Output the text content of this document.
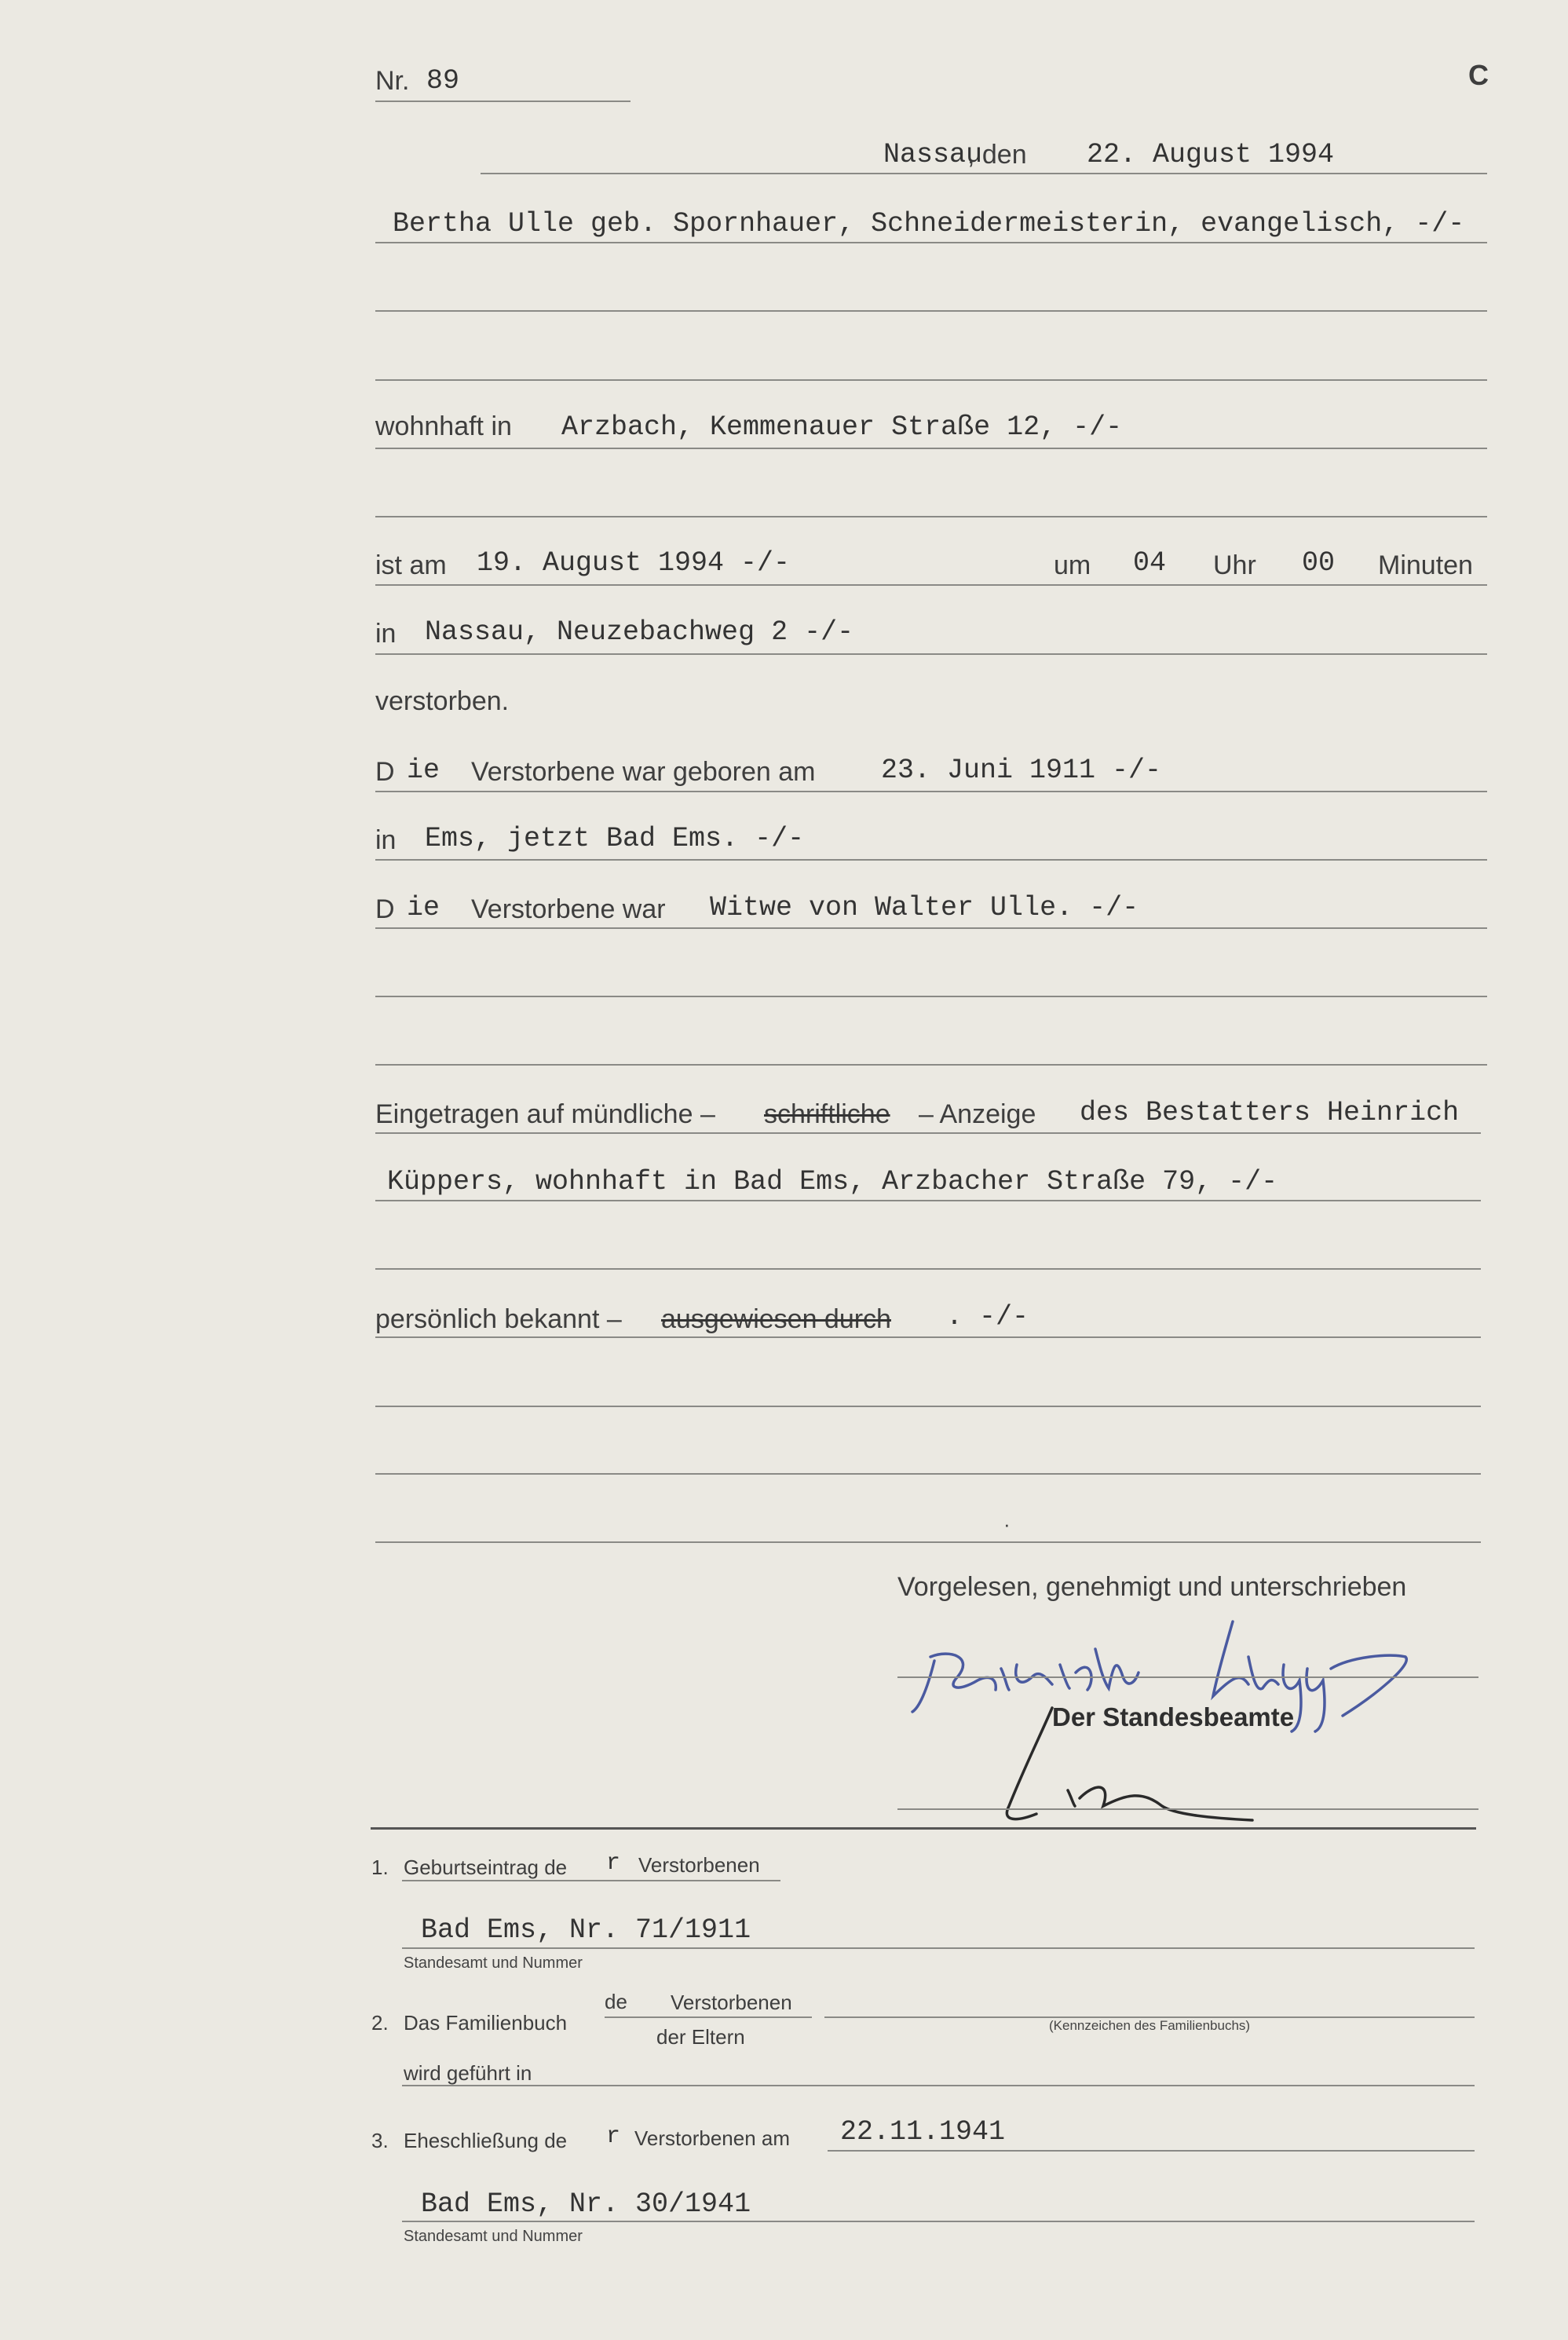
Nr. 89	C
Nassau
, den 22. August 1994
Bertha Ulle geb. Spornhauer, Schneidermeisterin, evangelisch, -/-
wohnhaft in Arzbach, Kemmenauer Straße 12, -/-
ist am 19. August 1994 -/-	um 04 Uhr 00 Minuten
in Nassau, Neuzebachweg 2 -/-
verstorben.
D ie Verstorbene war geboren am 23. Juni 1911 -/-
in Ems, jetzt Bad Ems. -/-
D ie Verstorbene war Witwe von Walter Ulle. -/-
Eingetragen auf mündliche – schriftliche – Anzeige des Bestatters Heinrich
Küppers, wohnhaft in Bad Ems, Arzbacher Straße 79, -/-
persönlich bekannt – ausgewiesen durch . -/-
·
Vorgelesen, genehmigt und unterschrieben
Der Standesbeamte
1. Geburtseintrag de r Verstorbenen
Bad Ems, Nr. 71/1911
Standesamt und Nummer
2. Das Familienbuch
de Verstorbenen
der Eltern	(Kennzeichen des Familienbuchs)
wird geführt in
3. Eheschließung de r Verstorbenen am 22.11.1941
Bad Ems, Nr. 30/1941
Standesamt und Nummer
